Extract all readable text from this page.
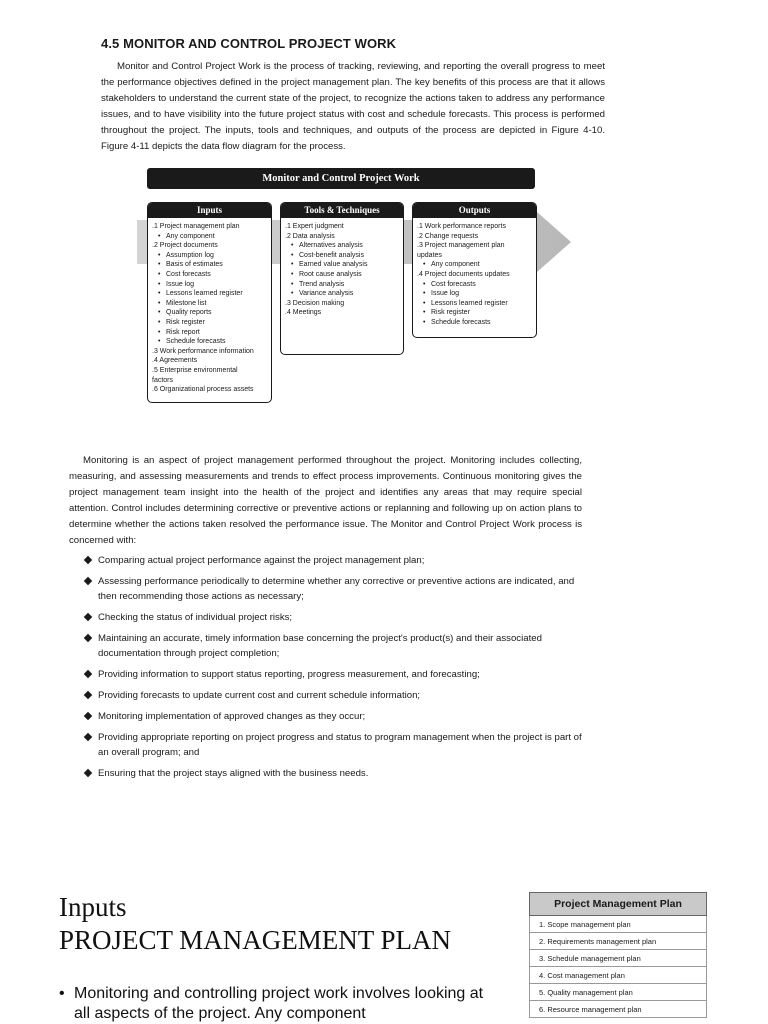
4.5 MONITOR AND CONTROL PROJECT WORK
Monitor and Control Project Work is the process of tracking, reviewing, and reporting the overall progress to meet the performance objectives defined in the project management plan. The key benefits of this process are that it allows stakeholders to understand the current state of the project, to recognize the actions taken to address any performance issues, and to have visibility into the future project status with cost and schedule forecasts. This process is performed throughout the project. The inputs, tools and techniques, and outputs of the process are depicted in Figure 4-10. Figure 4-11 depicts the data flow diagram for the process.
Monitor and Control Project Work
Inputs
.1 Project management plan
• Any component
.2 Project documents
• Assumption log
• Basis of estimates
• Cost forecasts
• Issue log
• Lessons learned register
• Milestone list
• Quality reports
• Risk register
• Risk report
• Schedule forecasts
.3 Work performance information
.4 Agreements
.5 Enterprise environmental
factors
.6 Organizational process assets
Tools & Techniques
.1 Expert judgment
.2 Data analysis
• Alternatives analysis
• Cost-benefit analysis
• Earned value analysis
• Root cause analysis
• Trend analysis
• Variance analysis
.3 Decision making
.4 Meetings
Outputs
.1 Work performance reports
.2 Change requests
.3 Project management plan
updates
• Any component
.4 Project documents updates
• Cost forecasts
• Issue log
• Lessons learned register
• Risk register
• Schedule forecasts
Monitoring is an aspect of project management performed throughout the project. Monitoring includes collecting, measuring, and assessing measurements and trends to effect process improvements. Continuous monitoring gives the project management team insight into the health of the project and identifies any areas that may require special attention. Control includes determining corrective or preventive actions or replanning and following up on action plans to determine whether the actions taken resolved the performance issue. The Monitor and Control Project Work process is concerned with:
Comparing actual project performance against the project management plan;
Assessing performance periodically to determine whether any corrective or preventive actions are indicated, and then recommending those actions as necessary;
Checking the status of individual project risks;
Maintaining an accurate, timely information base concerning the project's product(s) and their associated documentation through project completion;
Providing information to support status reporting, progress measurement, and forecasting;
Providing forecasts to update current cost and current schedule information;
Monitoring implementation of approved changes as they occur;
Providing appropriate reporting on project progress and status to program management when the project is part of an overall program; and
Ensuring that the project stays aligned with the business needs.
Inputs
PROJECT MANAGEMENT PLAN
• Monitoring and controlling project work involves looking at all aspects of the project. Any component
Project Management Plan
1. Scope management plan
2. Requirements management plan
3. Schedule management plan
4. Cost management plan
5. Quality management plan
6. Resource management plan
